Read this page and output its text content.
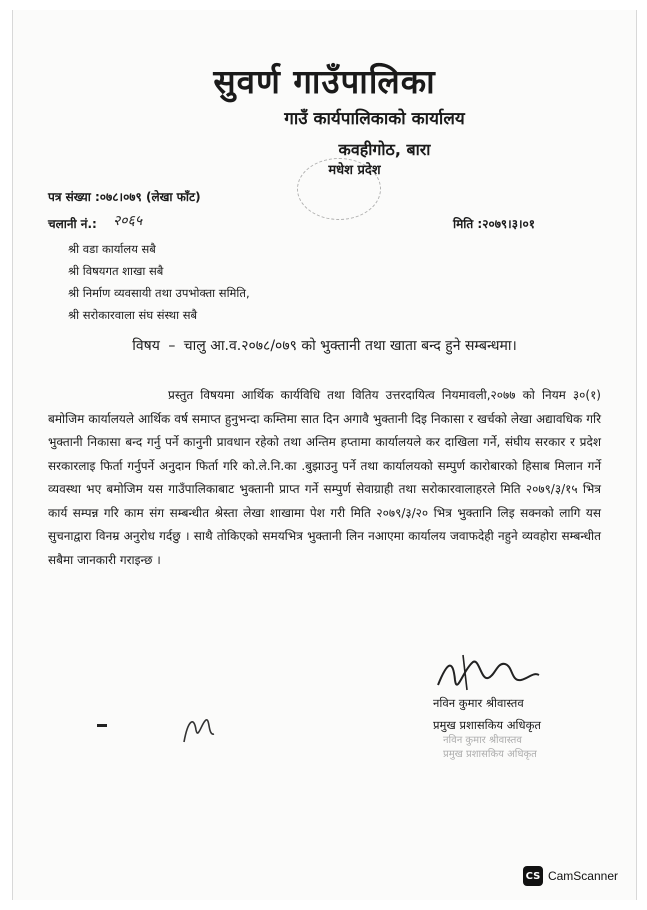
सुवर्ण गाउँपालिका
गाउँ कार्यपालिकाको कार्यालय
कवहीगोठ, बारा
मधेश प्रदेश
पत्र संख्या :०७८।०७९ (लेखा फाँट)
चलानी नं.: २०६५	मिति :२०७९।३।०१
श्री वडा कार्यालय सबै
श्री विषयगत शाखा सबै
श्री निर्माण व्यवसायी तथा उपभोक्ता समिति,
श्री सरोकारवाला संघ संस्था सबै
विषय – चालु आ.व.२०७८/०७९ को भुक्तानी तथा खाता बन्द हुने सम्बन्धमा।

प्रस्तुत विषयमा आर्थिक कार्यविधि तथा वितिय उत्तरदायित्व नियमावली,२०७७ को नियम ३०(१) बमोजिम कार्यालयले आर्थिक वर्ष समाप्त हुनुभन्दा कम्तिमा सात दिन अगावै भुक्तानी दिइ निकासा र खर्चको लेखा अद्यावधिक गरि भुक्तानी निकासा बन्द गर्नु पर्ने कानुनी प्रावधान रहेको तथा अन्तिम हप्तामा कार्यालयले कर दाखिला गर्ने, संघीय सरकार र प्रदेश सरकारलाइ फिर्ता गर्नुपर्ने अनुदान फिर्ता गरि को.ले.नि.का .बुझाउनु पर्ने तथा कार्यालयको सम्पुर्ण कारोबारको हिसाब मिलान गर्ने व्यवस्था भए बमोजिम यस गाउँपालिकाबाट भुक्तानी प्राप्त गर्ने सम्पुर्ण सेवाग्राही तथा सरोकारवालाहरले मिति २०७९/३/१५ भित्र कार्य सम्पन्न गरि काम संग सम्बन्धीत श्रेस्ता लेखा शाखामा पेश गरी मिति २०७९/३/२० भित्र भुक्तानि लिइ सक्नको लागि यस सुचनाद्वारा विनम्र अनुरोध गर्दछु । साथै तोकिएको समयभित्र भुक्तानी लिन नआएमा कार्यालय जवाफदेही नहुने व्यवहोरा सम्बन्धीत सबैमा जानकारी गराइन्छ ।

नविन कुमार श्रीवास्तव
प्रमुख प्रशासकिय अधिकृत
नविन कुमार श्रीवास्तव
प्रमुख प्रशासकिय अधिकृत
CS CamScanner
